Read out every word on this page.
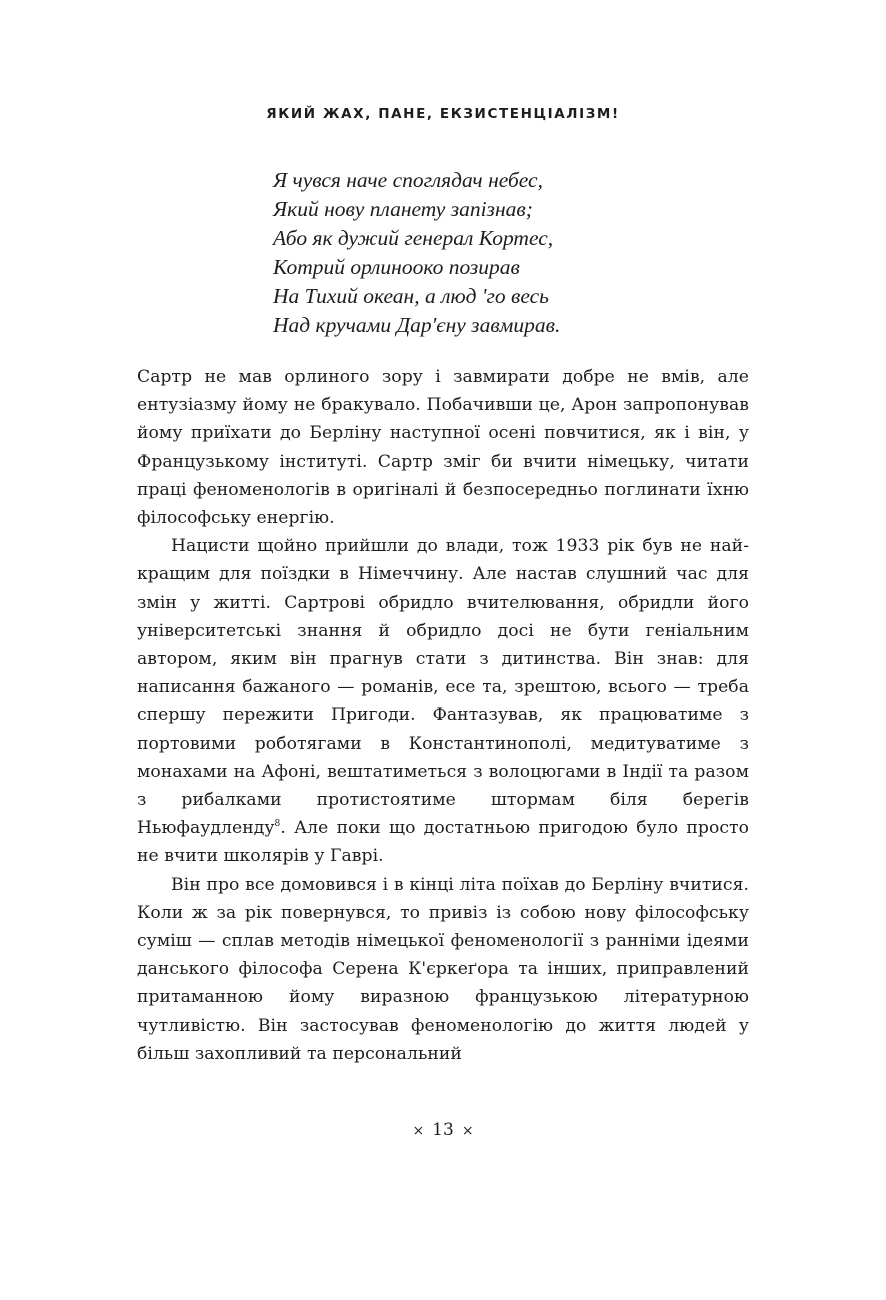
ЯКИЙ ЖАХ, ПАНЕ, ЕКЗИСТЕНЦІАЛІЗМ!
Я чувся наче споглядач небес,
Який нову планету запізнав;
Або як дужий генерал Кортес,
Котрий орлинооко позирав
На Тихий океан, а люд 'го весь
Над кручами Дар'єну завмирав.

Сартр не мав орлиного зору і завмирати добре не вмів, але ентузіазму йому не бракувало. Побачивши це, Арон запропонував йому приїхати до Берліну наступної осені повчитися, як і він, у Французькому інституті. Сартр зміг би вчити німецьку, читати праці феноменологів в оригіналі й безпосередньо поглинати їхню філософську енергію.

Нацисти щойно прийшли до влади, тож 1933 рік був не найкращим для поїздки в Німеччину. Але настав слушний час для змін у житті. Сартрові обридло вчителювання, обридли його університетські знання й обридло досі не бути геніальним автором, яким він прагнув стати з дитинства. Він знав: для написання бажаного — романів, есе та, зрештою, всього — треба спершу пережити Пригоди. Фантазував, як працюватиме з портовими роботягами в Константинополі, медитуватиме з монахами на Афоні, вештатиметься з волоцюгами в Індії та разом з рибалками протистоятиме штормам біля берегів Ньюфаудленду$^8$. Але поки що достатньою пригодою було просто не вчити школярів у Гаврі.

Він про все домовився і в кінці літа поїхав до Берліну вчитися. Коли ж за рік повернувся, то привіз із собою нову філософську суміш — сплав методів німецької феноменології з ранніми ідеями данського філософа Серена К'єркеґора та інших, приправлений притаманною йому виразною французькою літературною чутливістю. Він застосував феноменологію до життя людей у більш захопливий та персональний

× 13 ×
